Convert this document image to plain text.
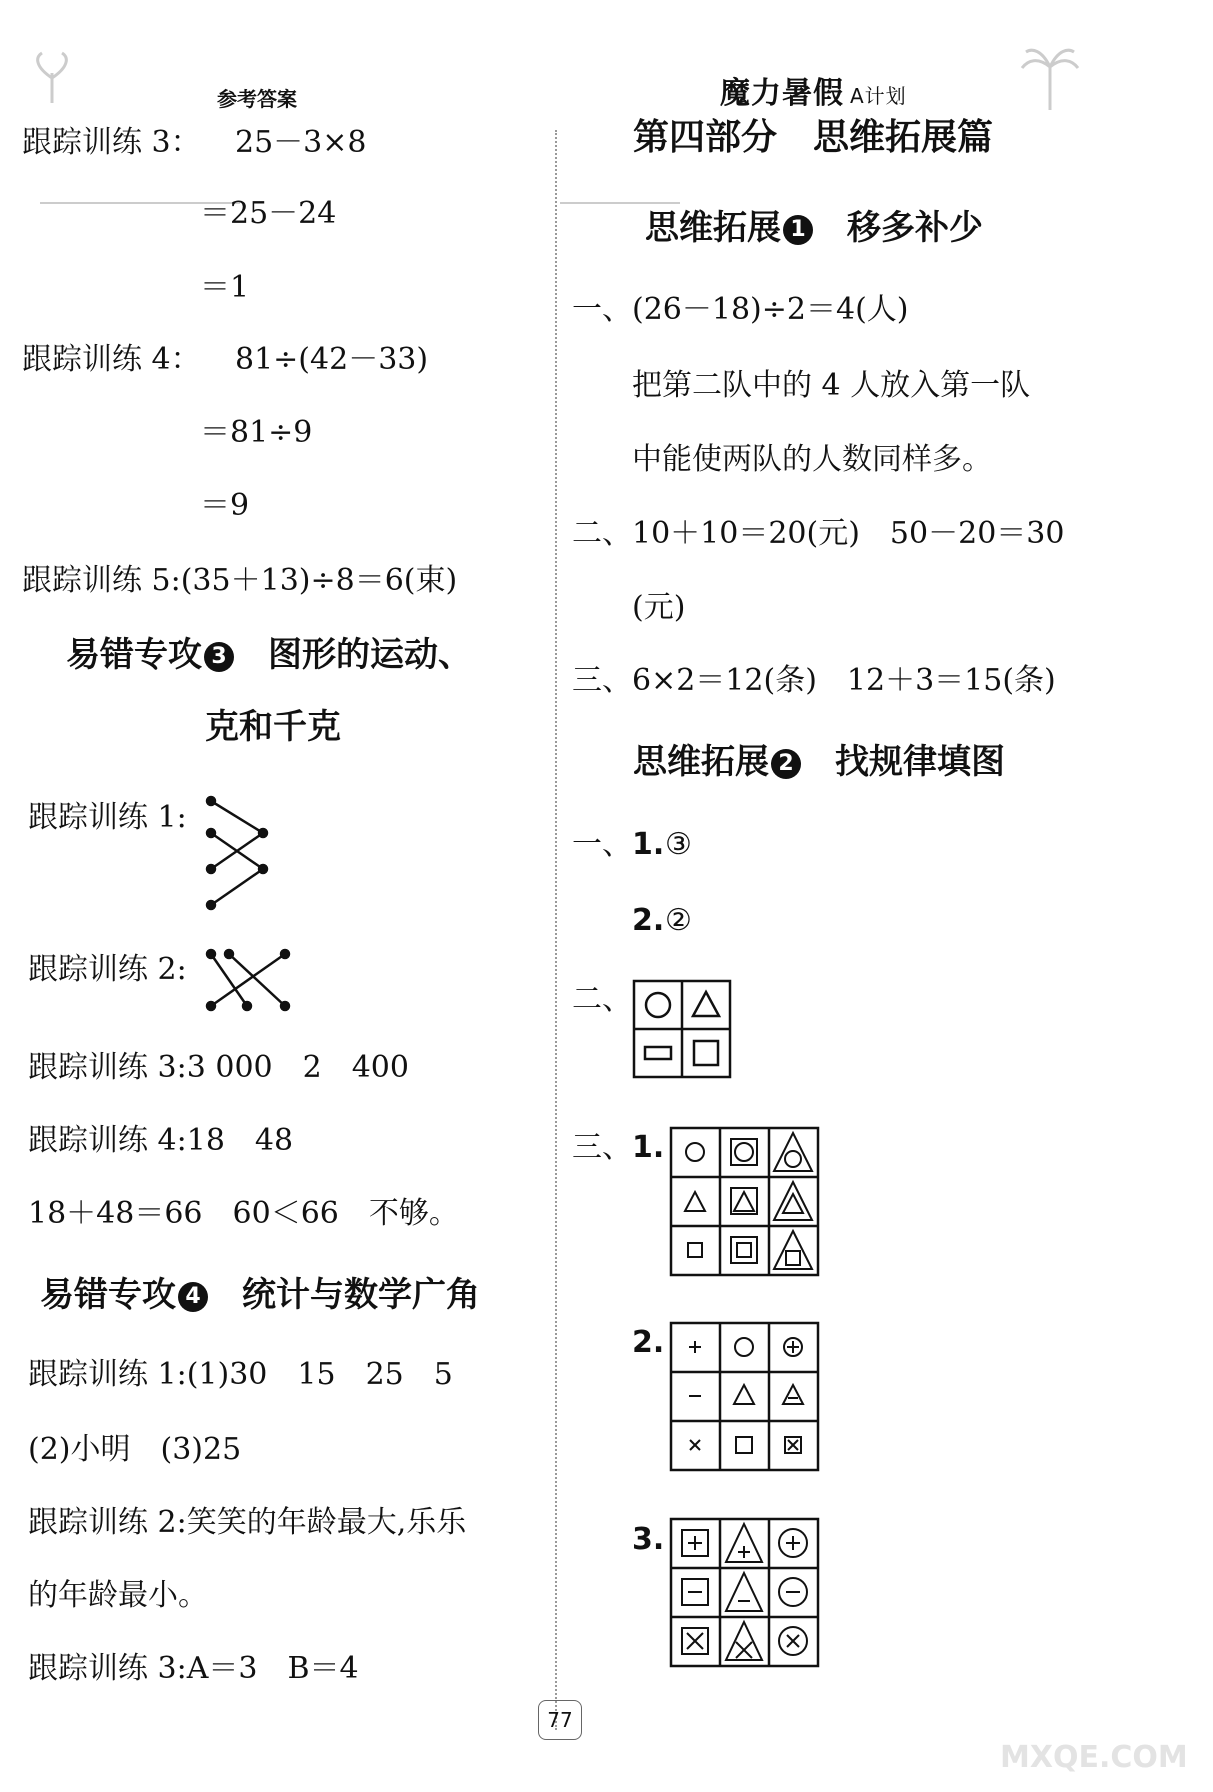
参考答案	魔力暑假 A计划
跟踪训练 3： 25－3×8
＝25－24
＝1
跟踪训练 4： 81÷(42－33)
＝81÷9
＝9
跟踪训练 5:(35＋13)÷8＝6(束)
易错专攻 3　 图形的运动、
克和千克
跟踪训练 1:
跟踪训练 2:
跟踪训练 3:3 000　2　400
跟踪训练 4:18　48
18＋48＝66　60＜66　不够。
易错专攻 4　 统计与数学广角
跟踪训练 1:(1)30　15　25　5
(2)小明　(3)25
跟踪训练 2:笑笑的年龄最大,乐乐
的年龄最小。
跟踪训练 3:A＝3　B＝4
第四部分　思维拓展篇
思维拓展 1　 移多补少
一、(26－18)÷2＝4(人)
把第二队中的 4 人放入第一队
中能使两队的人数同样多。
二、10＋10＝20(元)　50－20＝30
(元)
三、6×2＝12(条)　12＋3＝15(条)
思维拓展 2　 找规律填图
一、 1. ③
2. ②
二、
三、 1.
2.
3.
77
MXQE.COM
